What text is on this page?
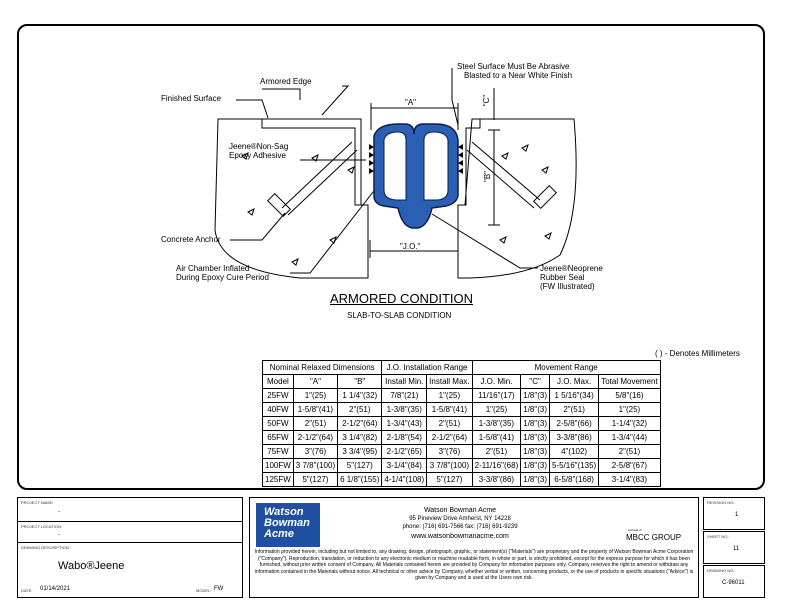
Armored Edge
Finished Surface
Jeene®Non-Sag
Epoxy Adhesive
Concrete Anchor
Air Chamber Inflated
During Epoxy Cure Period
Steel Surface Must Be Abrasive
Blasted to a Near White Finish
Jeene®Neoprene
Rubber Seal
(FW Illustrated)
"A"
"J.O."
"B"
"C"
ARMORED CONDITION
SLAB-TO-SLAB CONDITION
( ) - Denotes Millimeters
Nominal Relaxed Dimensions			J.O. Installation Range		Movement Range			
Model	"A"	"B"	Install Min.	Install Max.	J.O. Min.	"C"	J.O. Max.	Total Movement
25FW	1"(25)	1 1/4"(32)	7/8"(21)	1"(25)	11/16"(17)	1/8"(3)	1 5/16"(34)	5/8"(16)
40FW	1-5/8"(41)	2"(51)	1-3/8"(35)	1-5/8"(41)	1"(25)	1/8"(3)	2"(51)	1"(25)
50FW	2"(51)	2-1/2"(64)	1-3/4"(43)	2"(51)	1-3/8"(35)	1/8"(3)	2-5/8"(66)	1-1/4"(32)
65FW	2-1/2"(64)	3 1/4"(82)	2-1/8"(54)	2-1/2"(64)	1-5/8"(41)	1/8"(3)	3-3/8"(86)	1-3/4"(44)
75FW	3"(76)	3 3/4"(95)	2-1/2"(65)	3"(76)	2"(51)	1/8"(3)	4"(102)	2"(51)
100FW	3 7/8"(100)	5"(127)	3-1/4"(84)	3 7/8"(100)	2-11/16"(68)	1/8"(3)	5-5/16"(135)	2-5/8"(67)
125FW	5"(127)	6 1/8"(155)	4-1/4"(108)	5"(127)	3-3/8"(86)	1/8"(3)	6-5/8"(168)	3-1/4"(83)
PROJECT NAME:
-
PROJECT LOCATION:
-
DRAWING DESCRIPTION:
Wabo®Jeene
DATE: 01/14/2021	MODEL: FW
Watson
Bowman
Acme
Watson Bowman Acme
95 Pineview Drive Amherst, NY 14228
phone: (716) 691-7566 fax: (716) 691-9239
www.watsonbowmanacme.com
a brand of
MBCC GROUP
Information provided herein, including but not limited to, any drawing, design, photograph, graphic, or statement(s) ("Materials") are proprietary and the property of Watson Bowman Acme Corporation ("Company"). Reproduction, translation, or reduction to any electronic medium or machine readable form, in whole or part, is strictly prohibited, except for the express purpose for which it has been furnished, without prior written consent of Company. All Materials contained herein are provided by Company for information purposes only. Company reserves the right to amend or withdraw any information contained in the Materials without notice. All technical or other advice by Company, whether verbal or written, concerning products, or the use of products in specific situations ("Advice") is given by Company and is used at the Users own risk.
REVISION NO.:
1
SHEET NO.:
11
DRAWING NO.:
C-96011
